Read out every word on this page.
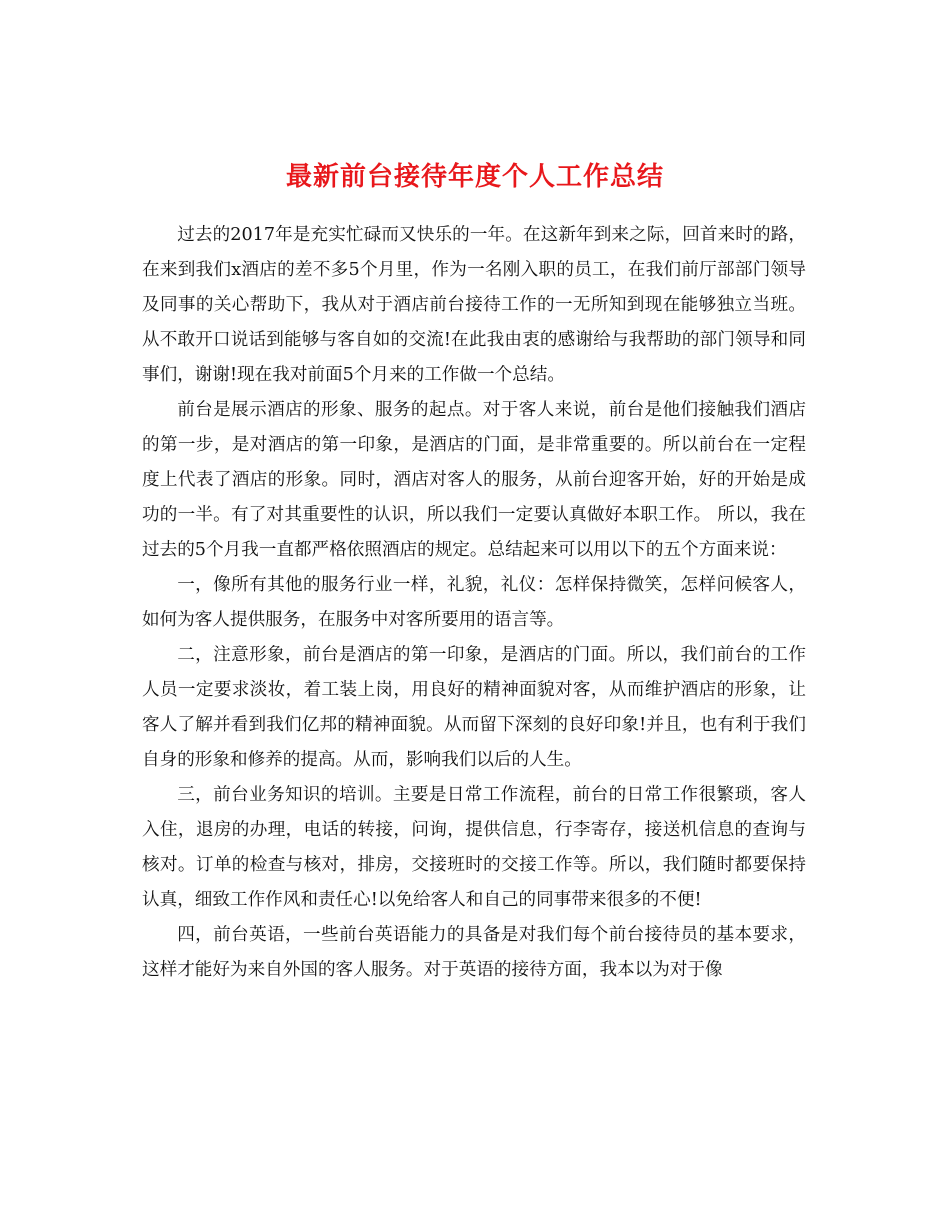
最新前台接待年度个人工作总结

过去的2017年是充实忙碌而又快乐的一年。在这新年到来之际，回首来时的路，在来到我们x酒店的差不多5个月里，作为一名刚入职的员工，在我们前厅部部门领导及同事的关心帮助下，我从对于酒店前台接待工作的一无所知到现在能够独立当班。从不敢开口说话到能够与客自如的交流!在此我由衷的感谢给与我帮助的部门领导和同事们，谢谢!现在我对前面5个月来的工作做一个总结。

前台是展示酒店的形象、服务的起点。对于客人来说，前台是他们接触我们酒店的第一步，是对酒店的第一印象，是酒店的门面，是非常重要的。所以前台在一定程度上代表了酒店的形象。同时，酒店对客人的服务，从前台迎客开始，好的开始是成功的一半。有了对其重要性的认识，所以我们一定要认真做好本职工作。 所以，我在过去的5个月我一直都严格依照酒店的规定。总结起来可以用以下的五个方面来说：

一，像所有其他的服务行业一样，礼貌，礼仪：怎样保持微笑，怎样问候客人，如何为客人提供服务，在服务中对客所要用的语言等。

二，注意形象，前台是酒店的第一印象，是酒店的门面。所以，我们前台的工作人员一定要求淡妆，着工装上岗，用良好的精神面貌对客，从而维护酒店的形象，让客人了解并看到我们亿邦的精神面貌。从而留下深刻的良好印象!并且，也有利于我们自身的形象和修养的提高。从而，影响我们以后的人生。

三，前台业务知识的培训。主要是日常工作流程，前台的日常工作很繁琐，客人入住，退房的办理，电话的转接，问询，提供信息，行李寄存，接送机信息的查询与核对。订单的检查与核对，排房，交接班时的交接工作等。所以，我们随时都要保持认真，细致工作作风和责任心!以免给客人和自己的同事带来很多的不便!

四，前台英语，一些前台英语能力的具备是对我们每个前台接待员的基本要求，这样才能好为来自外国的客人服务。对于英语的接待方面，我本以为对于像
